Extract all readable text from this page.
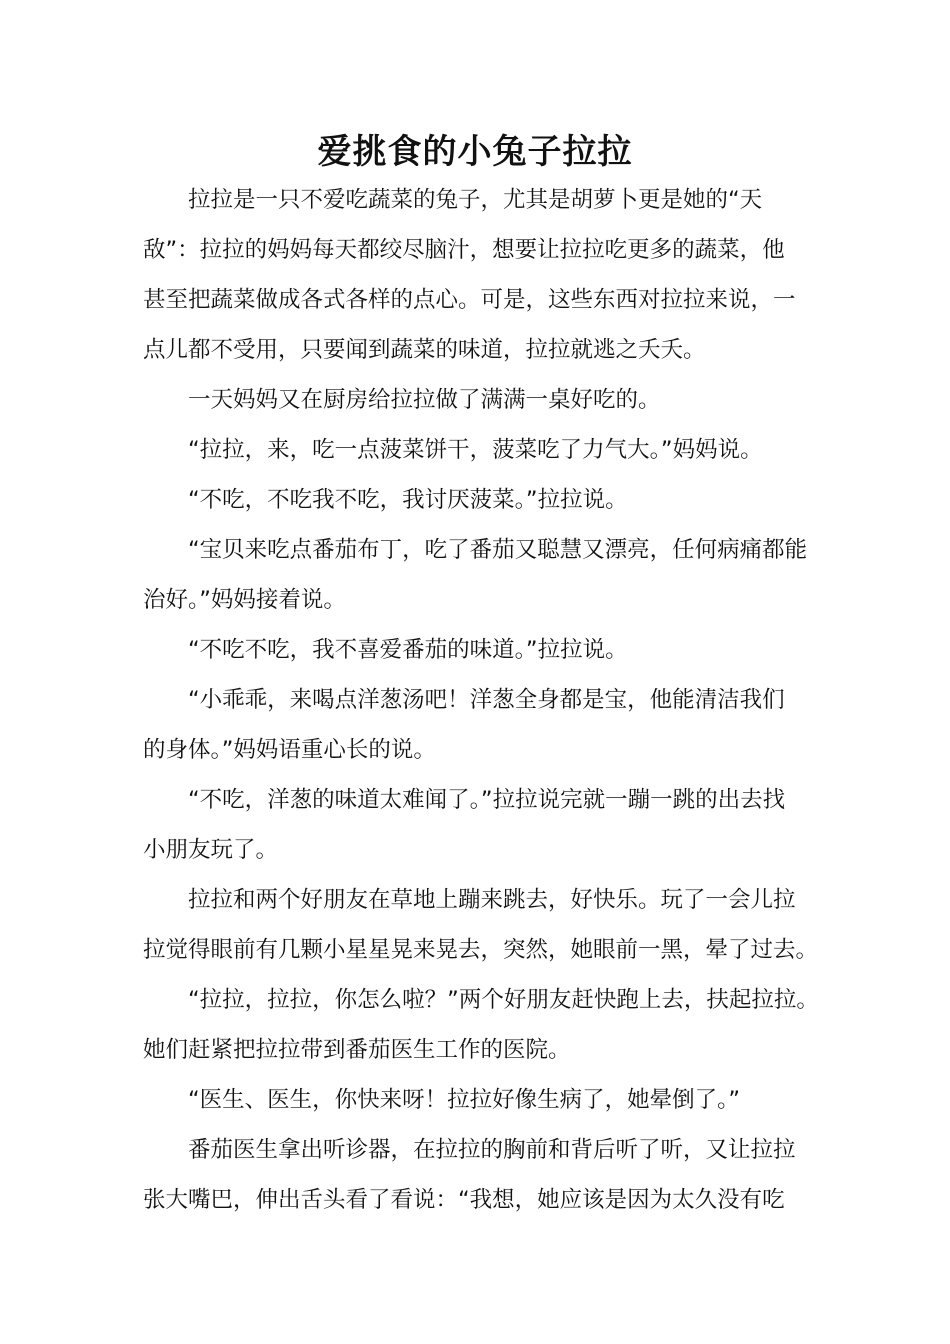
爱挑食的小兔子拉拉
拉拉是一只不爱吃蔬菜的兔子，尤其是胡萝卜更是她的“天
敌”：拉拉的妈妈每天都绞尽脑汁，想要让拉拉吃更多的蔬菜，他
甚至把蔬菜做成各式各样的点心。可是，这些东西对拉拉来说，一
点儿都不受用，只要闻到蔬菜的味道，拉拉就逃之夭夭。
一天妈妈又在厨房给拉拉做了满满一桌好吃的。
“拉拉，来，吃一点菠菜饼干，菠菜吃了力气大。”妈妈说。
“不吃，不吃我不吃，我讨厌菠菜。”拉拉说。
“宝贝来吃点番茄布丁，吃了番茄又聪慧又漂亮，任何病痛都能
治好。”妈妈接着说。
“不吃不吃，我不喜爱番茄的味道。”拉拉说。
“小乖乖，来喝点洋葱汤吧！洋葱全身都是宝，他能清洁我们
的身体。”妈妈语重心长的说。
“不吃，洋葱的味道太难闻了。”拉拉说完就一蹦一跳的出去找
小朋友玩了。
拉拉和两个好朋友在草地上蹦来跳去，好快乐。玩了一会儿拉
拉觉得眼前有几颗小星星晃来晃去，突然，她眼前一黑，晕了过去。
“拉拉，拉拉，你怎么啦？”两个好朋友赶快跑上去，扶起拉拉。
她们赶紧把拉拉带到番茄医生工作的医院。
“医生、医生，你快来呀！拉拉好像生病了，她晕倒了。”
番茄医生拿出听诊器，在拉拉的胸前和背后听了听，又让拉拉
张大嘴巴，伸出舌头看了看说：“我想，她应该是因为太久没有吃
